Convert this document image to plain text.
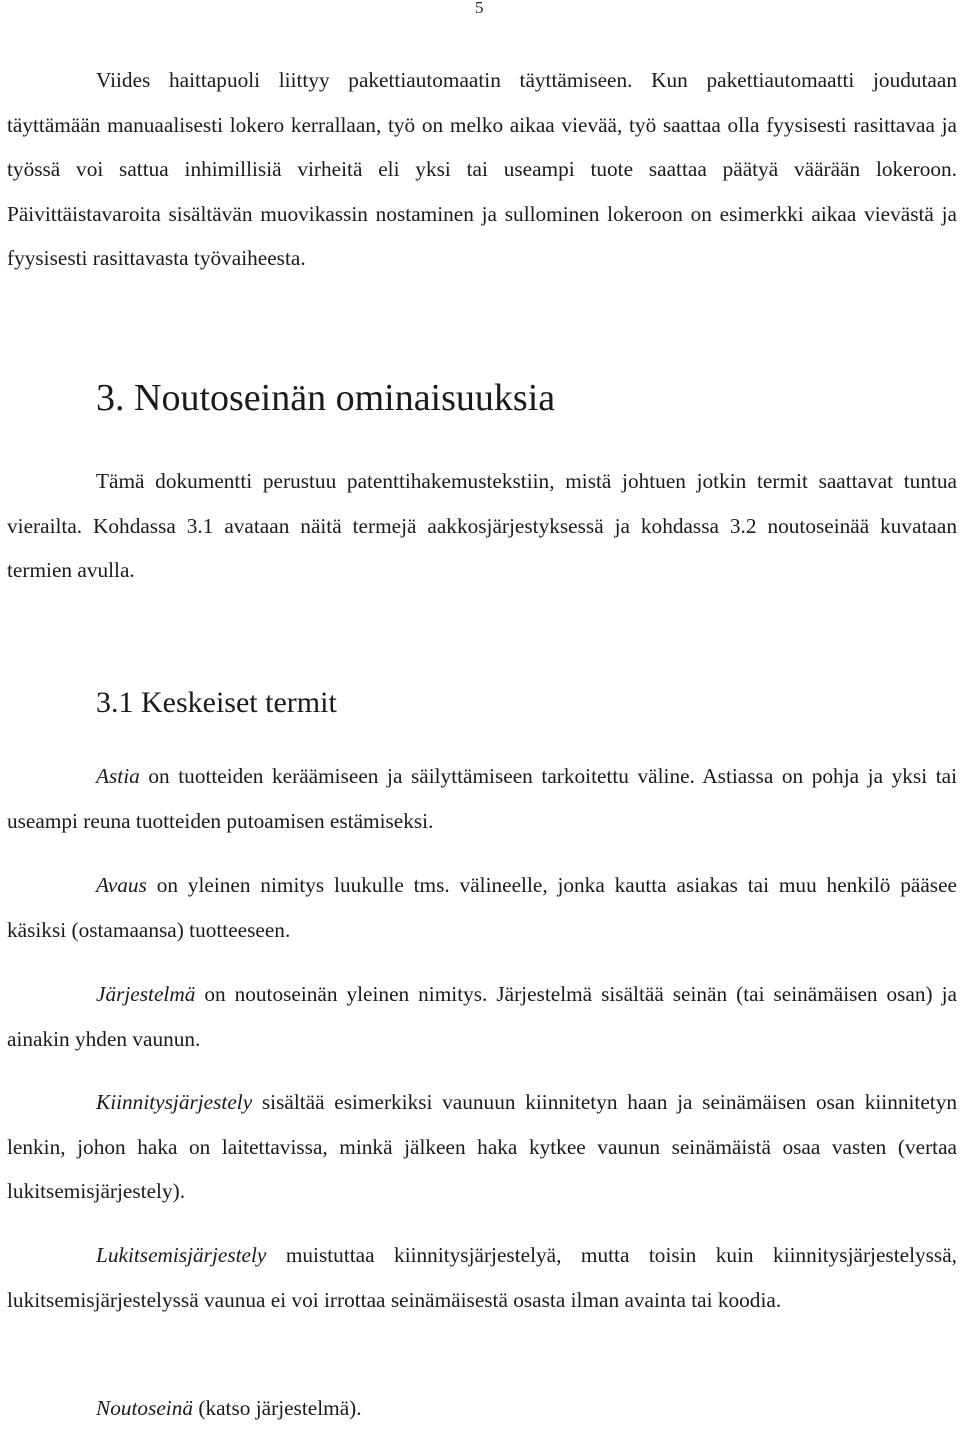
5

Viides haittapuoli liittyy pakettiautomaatin täyttämiseen. Kun pakettiautomaatti joudutaan täyttämään manuaalisesti lokero kerrallaan, työ on melko aikaa vievää, työ saattaa olla fyysisesti rasittavaa ja työssä voi sattua inhimillisiä virheitä eli yksi tai useampi tuote saattaa päätyä väärään lokeroon. Päivittäistavaroita sisältävän muovikassin nostaminen ja sullominen lokeroon on esimerkki aikaa vievästä ja fyysisesti rasittavasta työvaiheesta.

3. Noutoseinän ominaisuuksia

Tämä dokumentti perustuu patenttihakemustekstiin, mistä johtuen jotkin termit saattavat tuntua vierailta. Kohdassa 3.1 avataan näitä termejä aakkosjärjestyksessä ja kohdassa 3.2 noutoseinää kuvataan termien avulla.

3.1 Keskeiset termit

Astia on tuotteiden keräämiseen ja säilyttämiseen tarkoitettu väline. Astiassa on pohja ja yksi tai useampi reuna tuotteiden putoamisen estämiseksi.

Avaus on yleinen nimitys luukulle tms. välineelle, jonka kautta asiakas tai muu henkilö pääsee käsiksi (ostamaansa) tuotteeseen.

Järjestelmä on noutoseinän yleinen nimitys. Järjestelmä sisältää seinän (tai seinämäisen osan) ja ainakin yhden vaunun.

Kiinnitysjärjestely sisältää esimerkiksi vaunuun kiinnitetyn haan ja seinämäisen osan kiinnitetyn lenkin, johon haka on laitettavissa, minkä jälkeen haka kytkee vaunun seinämäistä osaa vasten (vertaa lukitsemisjärjestely).

Lukitsemisjärjestely muistuttaa kiinnitysjärjestelyä, mutta toisin kuin kiinnitysjärjestelyssä, lukitsemisjärjestelyssä vaunua ei voi irrottaa seinämäisestä osasta ilman avainta tai koodia.

Noutoseinä (katso järjestelmä).
